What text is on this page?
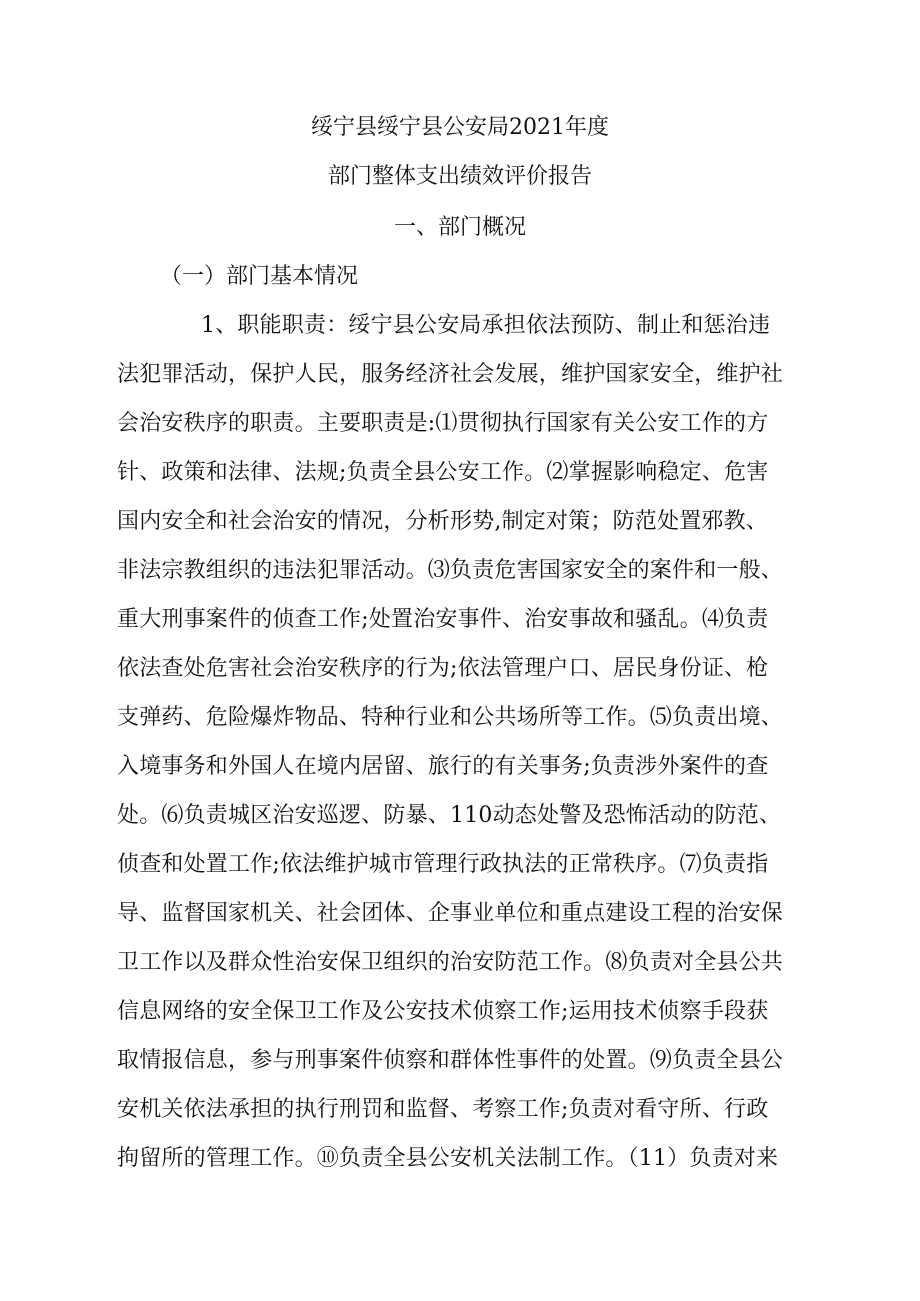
绥宁县绥宁县公安局2021年度
部门整体支出绩效评价报告
一、部门概况
（一）部门基本情况
1、职能职责：绥宁县公安局承担依法预防、制止和惩治违
法犯罪活动，保护人民，服务经济社会发展，维护国家安全，维护社
会治安秩序的职责。主要职责是:⑴贯彻执行国家有关公安工作的方
针、政策和法律、法规;负责全县公安工作。⑵掌握影响稳定、危害
国内安全和社会治安的情况，分析形势,制定对策；防范处置邪教、
非法宗教组织的违法犯罪活动。⑶负责危害国家安全的案件和一般、
重大刑事案件的侦查工作;处置治安事件、治安事故和骚乱。⑷负责
依法查处危害社会治安秩序的行为;依法管理户口、居民身份证、枪
支弹药、危险爆炸物品、特种行业和公共场所等工作。⑸负责出境、
入境事务和外国人在境内居留、旅行的有关事务;负责涉外案件的查
处。⑹负责城区治安巡逻、防暴、110动态处警及恐怖活动的防范、
侦查和处置工作;依法维护城市管理行政执法的正常秩序。⑺负责指
导、监督国家机关、社会团体、企事业单位和重点建设工程的治安保
卫工作以及群众性治安保卫组织的治安防范工作。⑻负责对全县公共
信息网络的安全保卫工作及公安技术侦察工作;运用技术侦察手段获
取情报信息，参与刑事案件侦察和群体性事件的处置。⑼负责全县公
安机关依法承担的执行刑罚和监督、考察工作;负责对看守所、行政
拘留所的管理工作。⑩负责全县公安机关法制工作。（11）负责对来
